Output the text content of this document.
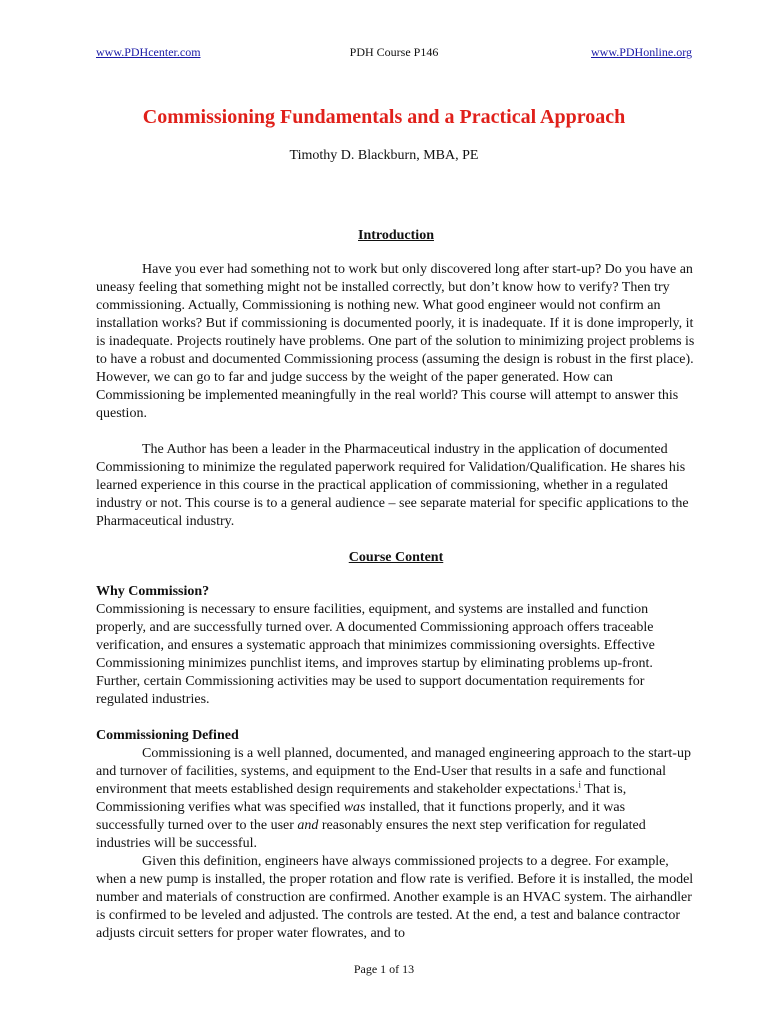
www.PDHcenter.com	PDH Course P146	www.PDHonline.org
Commissioning Fundamentals and a Practical Approach
Timothy D. Blackburn, MBA, PE
Introduction

Have you ever had something not to work but only discovered long after start-up? Do you have an uneasy feeling that something might not be installed correctly, but don’t know how to verify? Then try commissioning. Actually, Commissioning is nothing new. What good engineer would not confirm an installation works? But if commissioning is documented poorly, it is inadequate. If it is done improperly, it is inadequate. Projects routinely have problems. One part of the solution to minimizing project problems is to have a robust and documented Commissioning process (assuming the design is robust in the first place). However, we can go to far and judge success by the weight of the paper generated. How can Commissioning be implemented meaningfully in the real world? This course will attempt to answer this question.

The Author has been a leader in the Pharmaceutical industry in the application of documented Commissioning to minimize the regulated paperwork required for Validation/Qualification. He shares his learned experience in this course in the practical application of commissioning, whether in a regulated industry or not. This course is to a general audience – see separate material for specific applications to the Pharmaceutical industry.

Course Content
Why Commission?

Commissioning is necessary to ensure facilities, equipment, and systems are installed and function properly, and are successfully turned over. A documented Commissioning approach offers traceable verification, and ensures a systematic approach that minimizes commissioning oversights. Effective Commissioning minimizes punchlist items, and improves startup by eliminating problems up-front. Further, certain Commissioning activities may be used to support documentation requirements for regulated industries.

Commissioning Defined

Commissioning is a well planned, documented, and managed engineering approach to the start-up and turnover of facilities, systems, and equipment to the End-User that results in a safe and functional environment that meets established design requirements and stakeholder expectations.$^i$ That is, Commissioning verifies what was specified was installed, that it functions properly, and it was successfully turned over to the user and reasonably ensures the next step verification for regulated industries will be successful.

Given this definition, engineers have always commissioned projects to a degree. For example, when a new pump is installed, the proper rotation and flow rate is verified. Before it is installed, the model number and materials of construction are confirmed. Another example is an HVAC system. The airhandler is confirmed to be leveled and adjusted. The controls are tested. At the end, a test and balance contractor adjusts circuit setters for proper water flowrates, and to

Page 1 of 13
